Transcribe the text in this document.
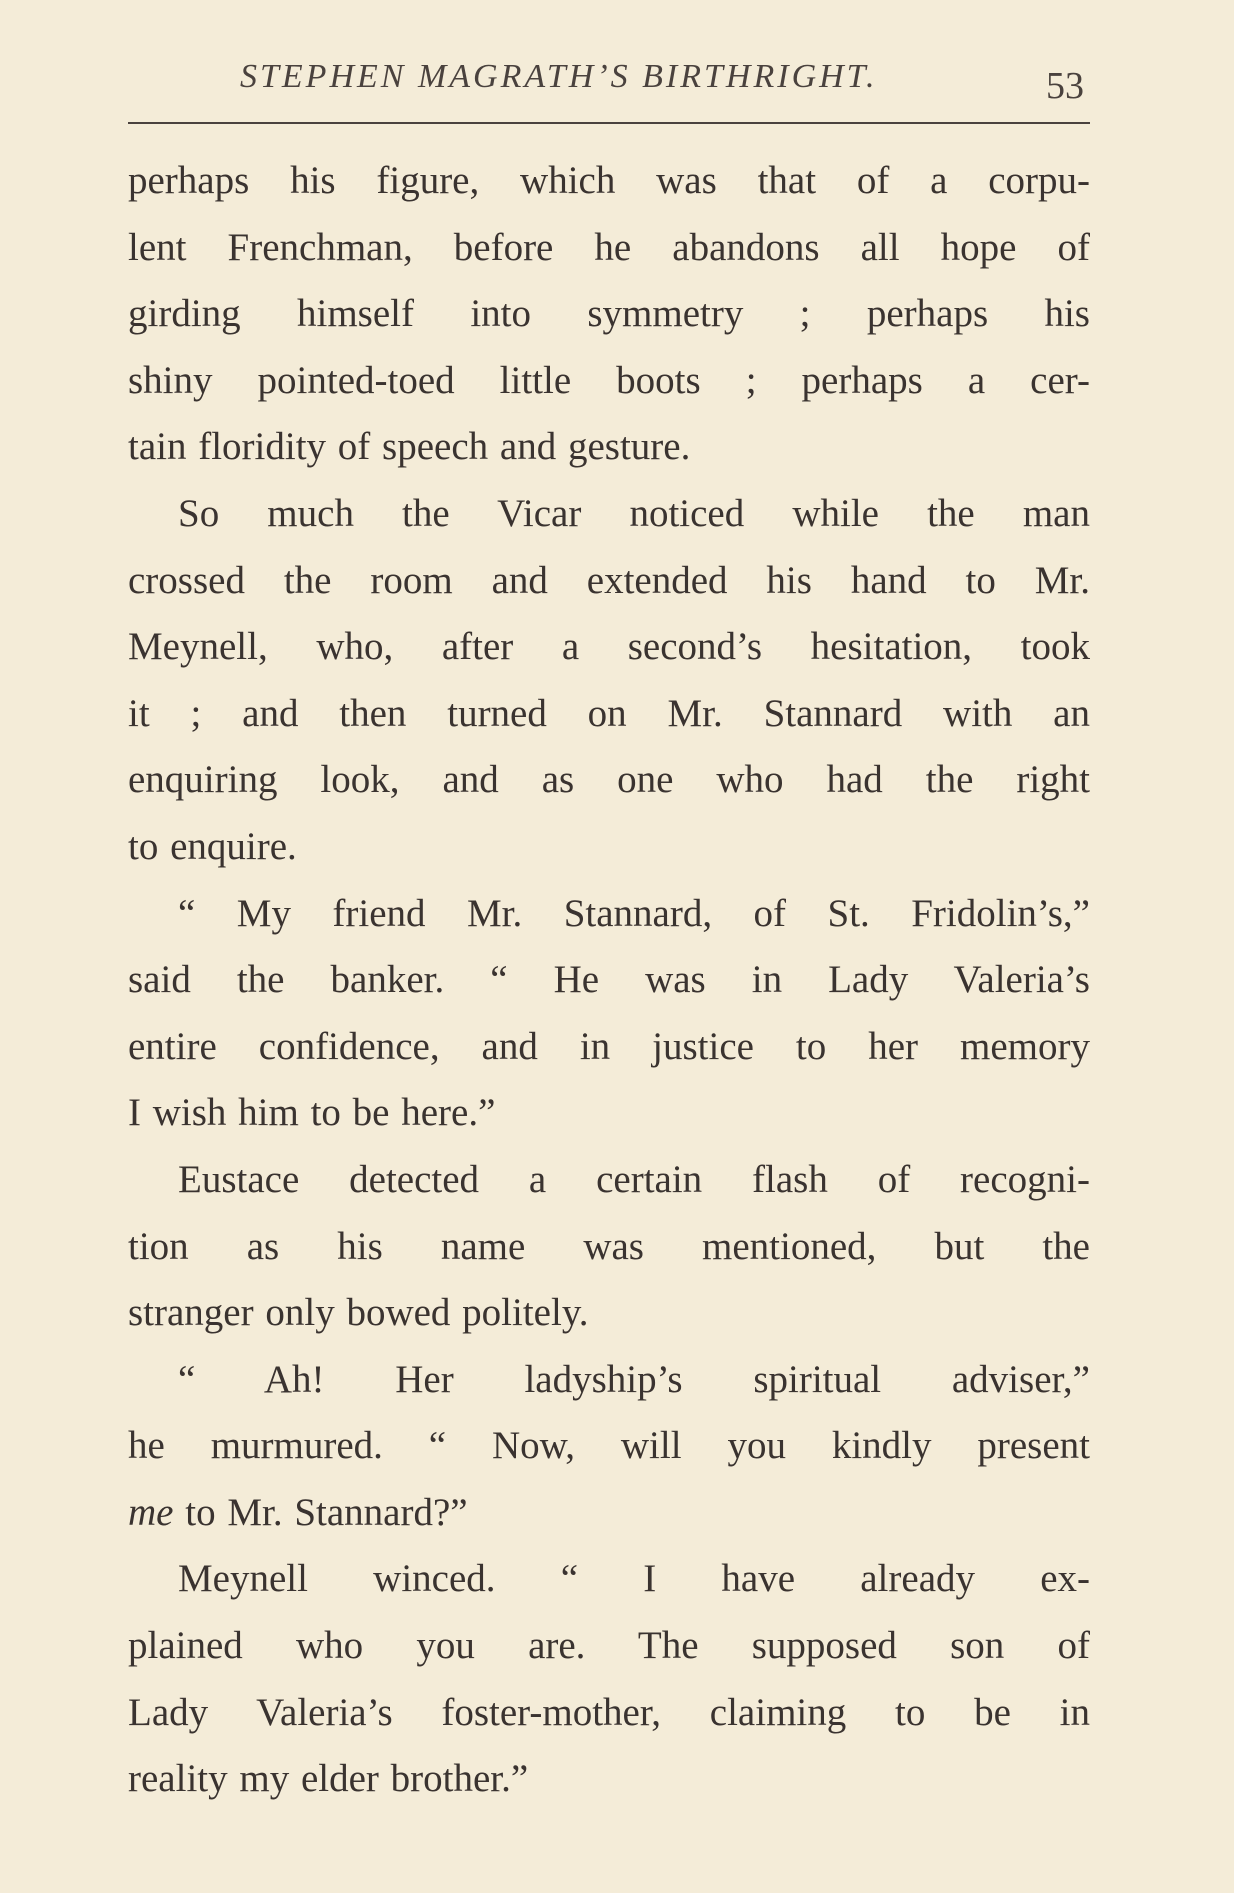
STEPHEN MAGRATH’S BIRTHRIGHT.	53
perhaps his figure, which was that of a corpu-
lent Frenchman, before he abandons all hope of
girding himself into symmetry ; perhaps his
shiny pointed-toed little boots ; perhaps a cer-
tain floridity of speech and gesture.
So much the Vicar noticed while the man
crossed the room and extended his hand to Mr.
Meynell, who, after a second’s hesitation, took
it ; and then turned on Mr. Stannard with an
enquiring look, and as one who had the right
to enquire.
“ My friend Mr. Stannard, of St. Fridolin’s,”
said the banker. “ He was in Lady Valeria’s
entire confidence, and in justice to her memory
I wish him to be here.”
Eustace detected a certain flash of recogni-
tion as his name was mentioned, but the
stranger only bowed politely.
“ Ah! Her ladyship’s spiritual adviser,”
he murmured. “ Now, will you kindly present
me to Mr. Stannard?”
Meynell winced. “ I have already ex-
plained who you are. The supposed son of
Lady Valeria’s foster-mother, claiming to be in
reality my elder brother.”
